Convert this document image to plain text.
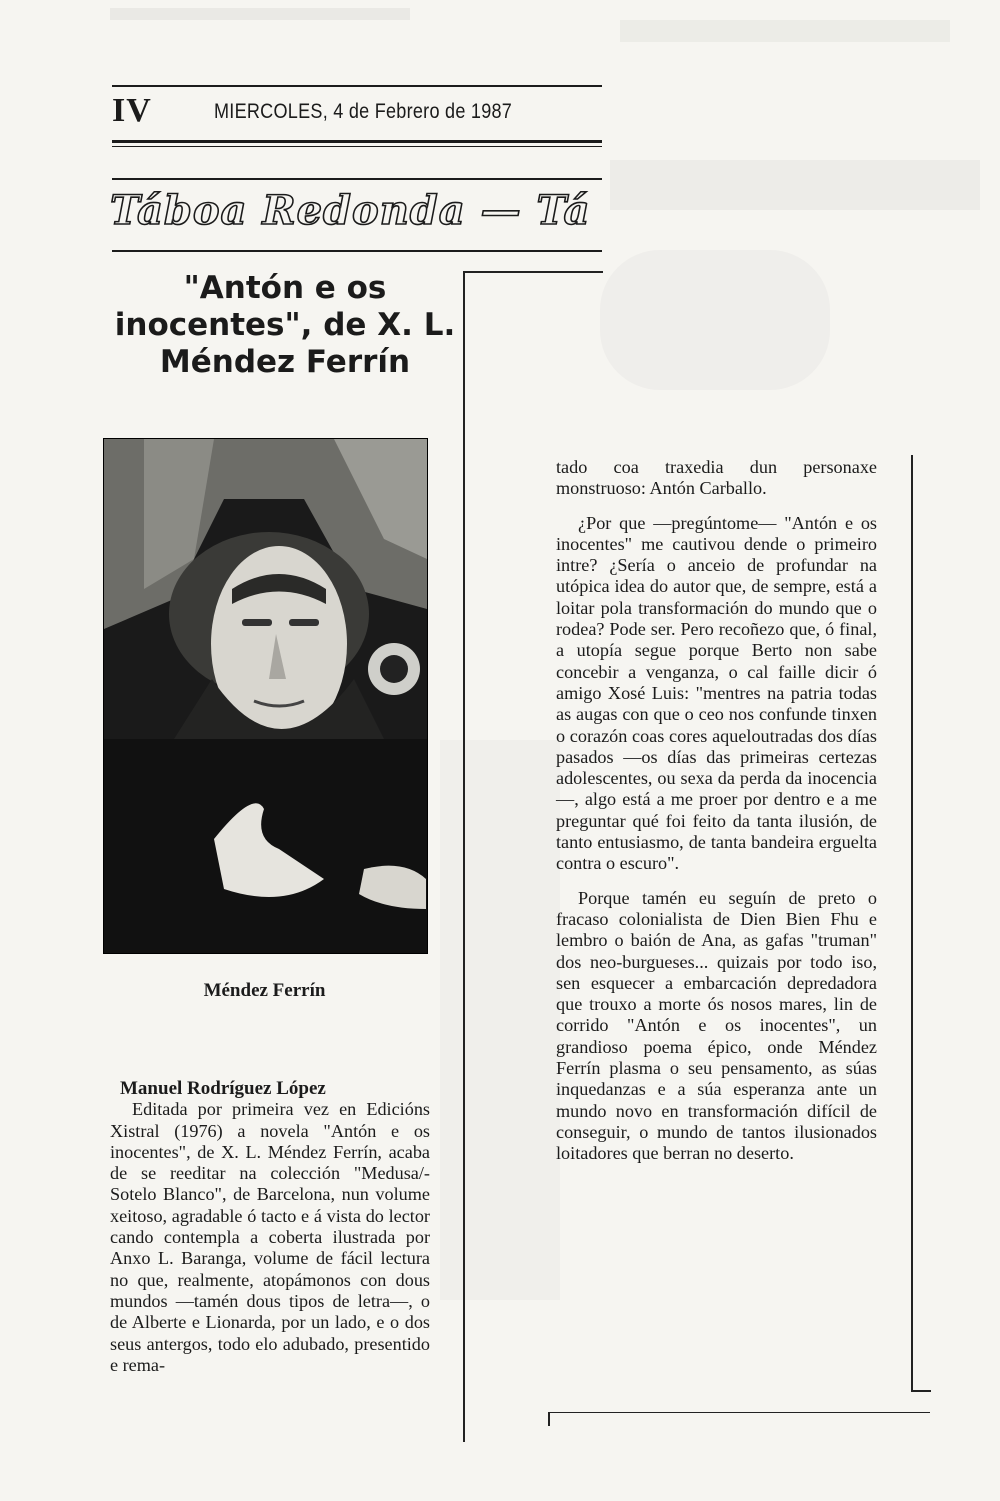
IV	MIERCOLES, 4 de Febrero de 1987
Táboa Redonda — Tá
"Antón e os inocentes", de X. L. Méndez Ferrín
Méndez Ferrín

Manuel Rodríguez López

Editada por primeira vez en Edicións Xistral (1976) a novela "Antón e os inocentes", de X. L. Méndez Ferrín, acaba de se reeditar na colección "Medusa/-Sotelo Blanco", de Barcelona, nun volume xeitoso, agradable ó tacto e á vista do lector cando contempla a coberta ilustrada por Anxo L. Baranga, volume de fácil lectura no que, realmente, atopámonos con dous mundos —tamén dous tipos de letra—, o de Alberte e Lionarda, por un lado, e o dos seus antergos, todo elo adubado, presentido e rema-

tado coa traxedia dun personaxe monstruoso: Antón Carballo.

¿Por que —pregúntome— "Antón e os inocentes" me cautivou dende o primeiro intre? ¿Sería o anceio de profundar na utópica idea do autor que, de sempre, está a loitar pola transformación do mundo que o rodea? Pode ser. Pero recoñezo que, ó final, a utopía segue porque Berto non sabe concebir a venganza, o cal faille dicir ó amigo Xosé Luis: "mentres na patria todas as augas con que o ceo nos confunde tinxen o corazón coas cores aqueloutradas dos días pasados —os días das primeiras certezas adolescentes, ou sexa da perda da inocencia—, algo está a me proer por dentro e a me preguntar qué foi feito da tanta ilusión, de tanto entusiasmo, de tanta bandeira erguelta contra o escuro".

Porque tamén eu seguín de preto o fracaso colonialista de Dien Bien Fhu e lembro o baión de Ana, as gafas "truman" dos neo-burgueses... quizais por todo iso, sen esquecer a embarcación depredadora que trouxo a morte ós nosos mares, lin de corrido "Antón e os inocentes", un grandioso poema épico, onde Méndez Ferrín plasma o seu pensamento, as súas inquedanzas e a súa esperanza ante un mundo novo en transformación difícil de conseguir, o mundo de tantos ilusionados loitadores que berran no deserto.
